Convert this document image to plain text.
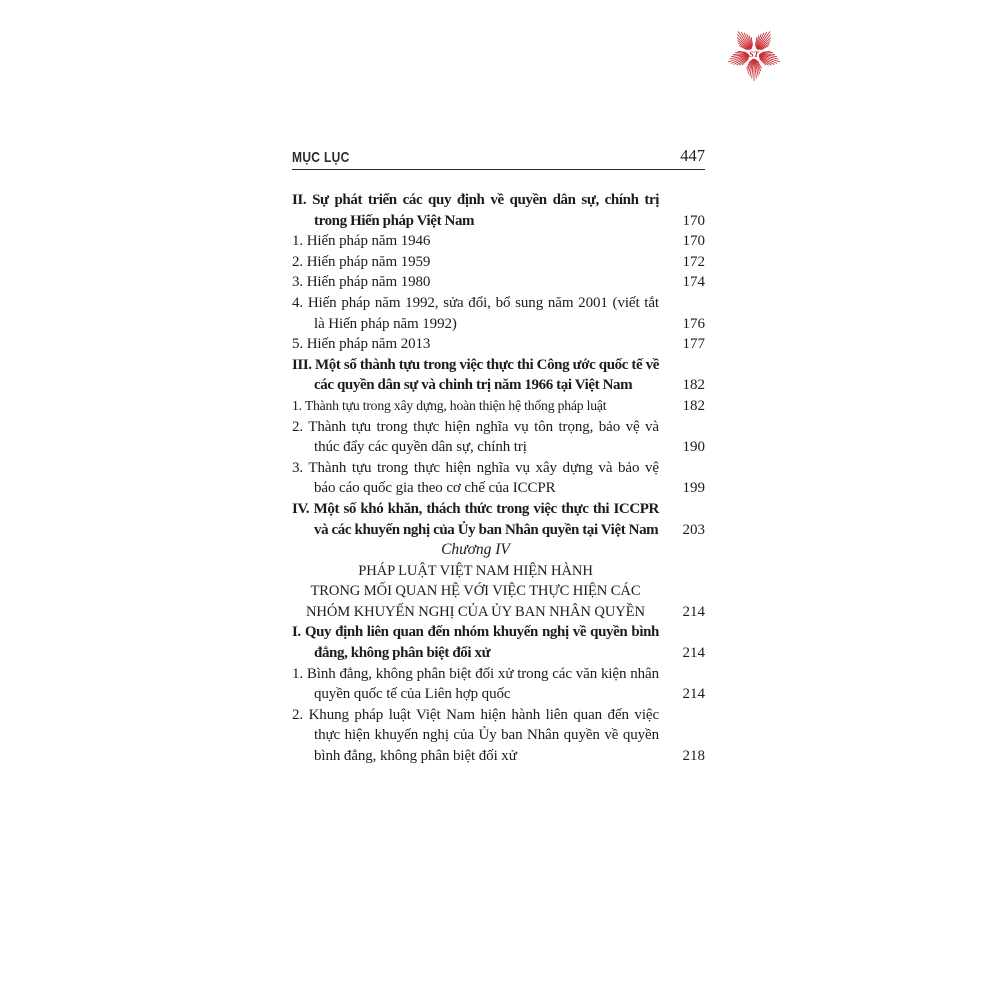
ST
MỤC LỤC	447
II. Sự phát triển các quy định về quyền dân sự, chính trị trong Hiến pháp Việt Nam	170
1. Hiến pháp năm 1946	170
2. Hiến pháp năm 1959	172
3. Hiến pháp năm 1980	174
4. Hiến pháp năm 1992, sửa đổi, bổ sung năm 2001 (viết tắt là Hiến pháp năm 1992)	176
5. Hiến pháp năm 2013	177
III. Một số thành tựu trong việc thực thi Công ước quốc tế về các quyền dân sự và chinh trị năm 1966 tại Việt Nam	182
1. Thành tựu trong xây dựng, hoàn thiện hệ thống pháp luật	182
2. Thành tựu trong thực hiện nghĩa vụ tôn trọng, bảo vệ và thúc đẩy các quyền dân sự, chính trị	190
3. Thành tựu trong thực hiện nghĩa vụ xây dựng và bảo vệ báo cáo quốc gia theo cơ chế của ICCPR	199
IV. Một số khó khăn, thách thức trong việc thực thi ICCPR và các khuyến nghị của Ủy ban Nhân quyền tại Việt Nam	203
Chương IV
PHÁP LUẬT VIỆT NAM HIỆN HÀNH
TRONG MỐI QUAN HỆ VỚI VIỆC THỰC HIỆN CÁC
NHÓM KHUYẾN NGHỊ CỦA ỦY BAN NHÂN QUYỀN	214
I. Quy định liên quan đến nhóm khuyến nghị về quyền bình đẳng, không phân biệt đối xử	214
1. Bình đẳng, không phân biệt đối xử trong các văn kiện nhân quyền quốc tế của Liên hợp quốc	214
2. Khung pháp luật Việt Nam hiện hành liên quan đến việc thực hiện khuyến nghị của Ủy ban Nhân quyền về quyền bình đẳng, không phân biệt đối xử	218
